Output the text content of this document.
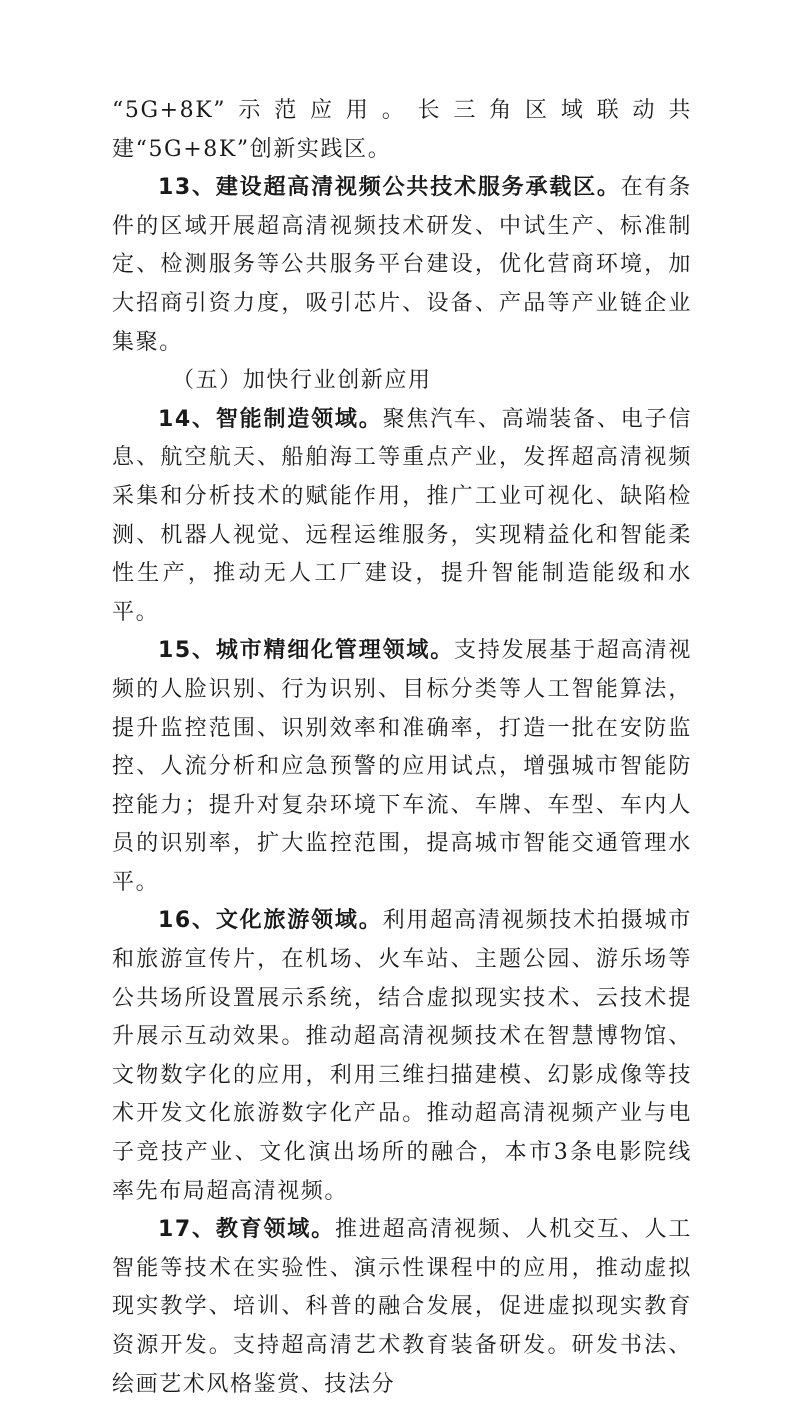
“5G+8K”示范应用。长三角区域联动共建“5G+8K”创新实践区。

13、建设超高清视频公共技术服务承载区。在有条件的区域开展超高清视频技术研发、中试生产、标准制定、检测服务等公共服务平台建设，优化营商环境，加大招商引资力度，吸引芯片、设备、产品等产业链企业集聚。

（五）加快行业创新应用

14、智能制造领域。聚焦汽车、高端装备、电子信息、航空航天、船舶海工等重点产业，发挥超高清视频采集和分析技术的赋能作用，推广工业可视化、缺陷检测、机器人视觉、远程运维服务，实现精益化和智能柔性生产，推动无人工厂建设，提升智能制造能级和水平。

15、城市精细化管理领域。支持发展基于超高清视频的人脸识别、行为识别、目标分类等人工智能算法，提升监控范围、识别效率和准确率，打造一批在安防监控、人流分析和应急预警的应用试点，增强城市智能防控能力；提升对复杂环境下车流、车牌、车型、车内人员的识别率，扩大监控范围，提高城市智能交通管理水平。

16、文化旅游领域。利用超高清视频技术拍摄城市和旅游宣传片，在机场、火车站、主题公园、游乐场等公共场所设置展示系统，结合虚拟现实技术、云技术提升展示互动效果。推动超高清视频技术在智慧博物馆、文物数字化的应用，利用三维扫描建模、幻影成像等技术开发文化旅游数字化产品。推动超高清视频产业与电子竞技产业、文化演出场所的融合，本市3条电影院线率先布局超高清视频。

17、教育领域。推进超高清视频、人机交互、人工智能等技术在实验性、演示性课程中的应用，推动虚拟现实教学、培训、科普的融合发展，促进虚拟现实教育资源开发。支持超高清艺术教育装备研发。研发书法、绘画艺术风格鉴赏、技法分
